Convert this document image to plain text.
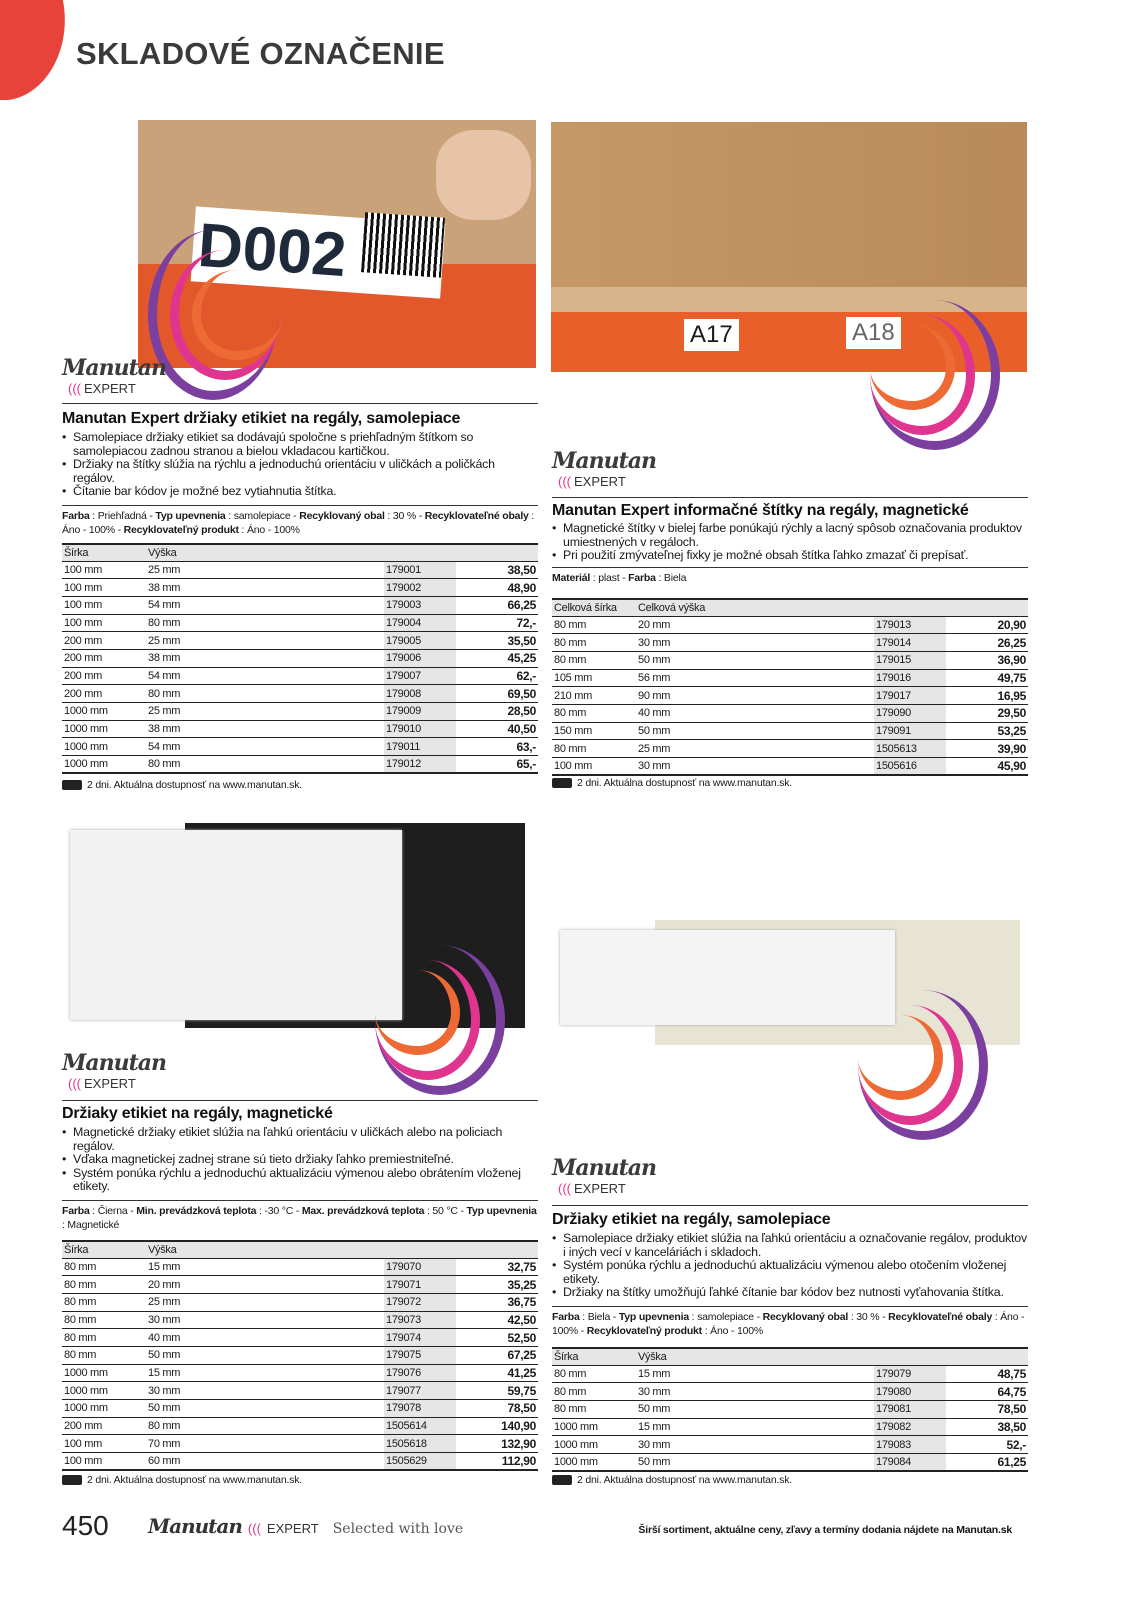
SKLADOVÉ OZNAČENIE
D002
A17	A18
Manutan
((( EXPERT
Manutan Expert držiaky etikiet na regály, samolepiace
• Samolepiace držiaky etikiet sa dodávajú spoločne s priehľadným štítkom so samolepiacou zadnou stranou a bielou vkladacou kartičkou.
• Držiaky na štítky slúžia na rýchlu a jednoduchú orientáciu v uličkách a poličkách regálov.
• Čítanie bar kódov je možné bez vytiahnutia štítka.
Farba : Priehľadná - Typ upevnenia : samolepiace - Recyklovaný obal : 30 % - Recyklovateľné obaly : Áno - 100% - Recyklovateľný produkt : Áno - 100%
Šírka	Výška		
100 mm	25 mm	179001	38,50
100 mm	38 mm	179002	48,90
100 mm	54 mm	179003	66,25
100 mm	80 mm	179004	72,-
200 mm	25 mm	179005	35,50
200 mm	38 mm	179006	45,25
200 mm	54 mm	179007	62,-
200 mm	80 mm	179008	69,50
1000 mm	25 mm	179009	28,50
1000 mm	38 mm	179010	40,50
1000 mm	54 mm	179011	63,-
1000 mm	80 mm	179012	65,-
2 dni. Aktuálna dostupnosť na www.manutan.sk.
Manutan
((( EXPERT
Manutan Expert informačné štítky na regály, magnetické
• Magnetické štítky v bielej farbe ponúkajú rýchly a lacný spôsob označovania produktov umiestnených v regáloch.
• Pri použití zmývateľnej fixky je možné obsah štítka ľahko zmazať či prepísať.
Materiál : plast - Farba : Biela
Celková šírka	Celková výška		
80 mm	20 mm	179013	20,90
80 mm	30 mm	179014	26,25
80 mm	50 mm	179015	36,90
105 mm	56 mm	179016	49,75
210 mm	90 mm	179017	16,95
80 mm	40 mm	179090	29,50
150 mm	50 mm	179091	53,25
80 mm	25 mm	1505613	39,90
100 mm	30 mm	1505616	45,90
2 dni. Aktuálna dostupnosť na www.manutan.sk.
Manutan
((( EXPERT
Držiaky etikiet na regály, magnetické
• Magnetické držiaky etikiet slúžia na ľahkú orientáciu v uličkách alebo na policiach regálov.
• Vďaka magnetickej zadnej strane sú tieto držiaky ľahko premiestniteľné.
• Systém ponúka rýchlu a jednoduchú aktualizáciu výmenou alebo obrátením vloženej etikety.
Farba : Čierna - Min. prevádzková teplota : -30 °C - Max. prevádzková teplota : 50 °C - Typ upevnenia : Magnetické
Šírka	Výška		
80 mm	15 mm	179070	32,75
80 mm	20 mm	179071	35,25
80 mm	25 mm	179072	36,75
80 mm	30 mm	179073	42,50
80 mm	40 mm	179074	52,50
80 mm	50 mm	179075	67,25
1000 mm	15 mm	179076	41,25
1000 mm	30 mm	179077	59,75
1000 mm	50 mm	179078	78,50
200 mm	80 mm	1505614	140,90
100 mm	70 mm	1505618	132,90
100 mm	60 mm	1505629	112,90
2 dni. Aktuálna dostupnosť na www.manutan.sk.
Manutan
((( EXPERT
Držiaky etikiet na regály, samolepiace
• Samolepiace držiaky etikiet slúžia na ľahkú orientáciu a označovanie regálov, produktov i iných vecí v kanceláriách i skladoch.
• Systém ponúka rýchlu a jednoduchú aktualizáciu výmenou alebo otočením vloženej etikety.
• Držiaky na štítky umožňujú ľahké čítanie bar kódov bez nutnosti vyťahovania štítka.
Farba : Biela - Typ upevnenia : samolepiace - Recyklovaný obal : 30 % - Recyklovateľné obaly : Áno - 100% - Recyklovateľný produkt : Áno - 100%
Šírka	Výška		
80 mm	15 mm	179079	48,75
80 mm	30 mm	179080	64,75
80 mm	50 mm	179081	78,50
1000 mm	15 mm	179082	38,50
1000 mm	30 mm	179083	52,-
1000 mm	50 mm	179084	61,25
2 dni. Aktuálna dostupnosť na www.manutan.sk.
450 Manutan ((( EXPERT Selected with love	Širší sortiment, aktuálne ceny, zľavy a termíny dodania nájdete na Manutan.sk
